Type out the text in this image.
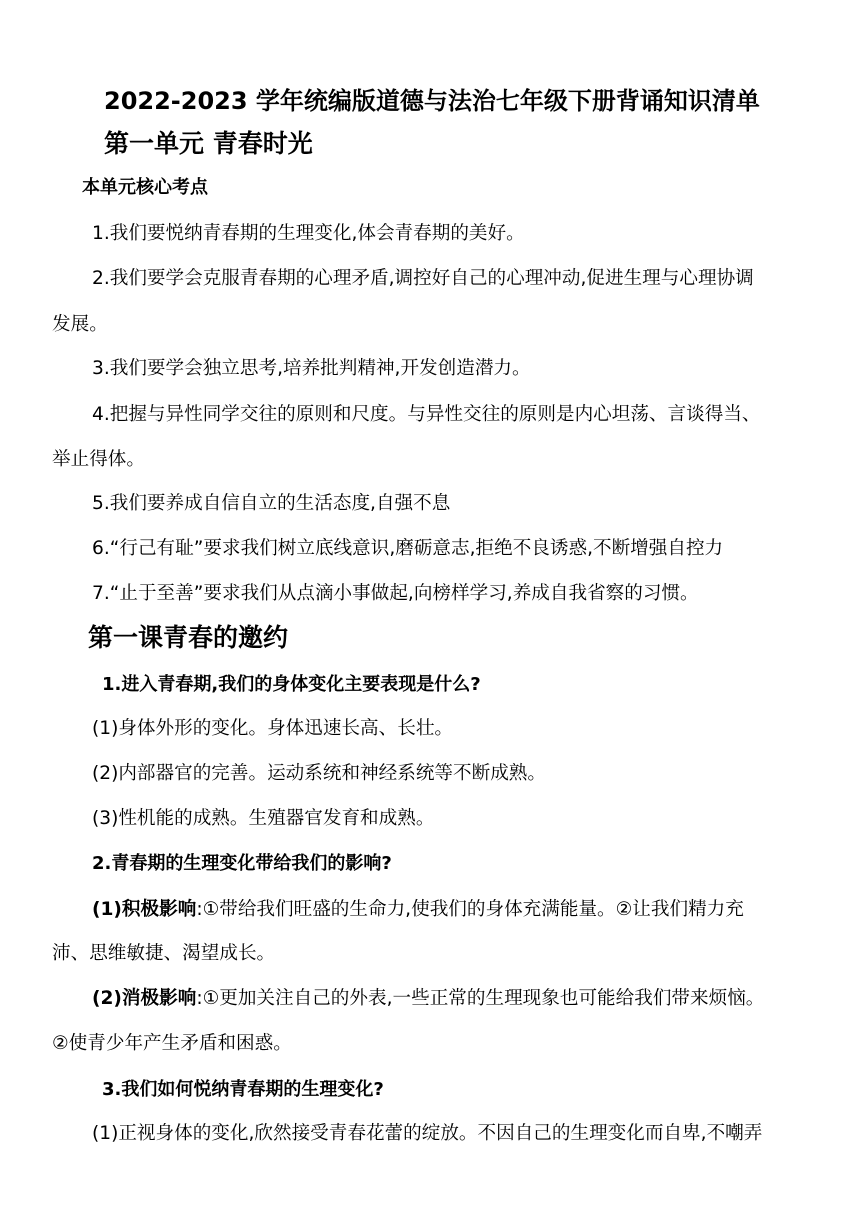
2022-2023 学年统编版道德与法治七年级下册背诵知识清单
第一单元 青春时光
本单元核心考点
1.我们要悦纳青春期的生理变化,体会青春期的美好。
2.我们要学会克服青春期的心理矛盾,调控好自己的心理冲动,促进生理与心理协调
发展。
3.我们要学会独立思考,培养批判精神,开发创造潜力。
4.把握与异性同学交往的原则和尺度。与异性交往的原则是内心坦荡、言谈得当、
举止得体。
5.我们要养成自信自立的生活态度,自强不息
6.“行己有耻”要求我们树立底线意识,磨砺意志,拒绝不良诱惑,不断增强自控力
7.“止于至善”要求我们从点滴小事做起,向榜样学习,养成自我省察的习惯。
第一课青春的邀约
1.进入青春期,我们的身体变化主要表现是什么?
(1)身体外形的变化。身体迅速长高、长壮。
(2)内部器官的完善。运动系统和神经系统等不断成熟。
(3)性机能的成熟。生殖器官发育和成熟。
2.青春期的生理变化带给我们的影响?
(1)积极影响:①带给我们旺盛的生命力,使我们的身体充满能量。②让我们精力充
沛、思维敏捷、渴望成长。
(2)消极影响:①更加关注自己的外表,一些正常的生理现象也可能给我们带来烦恼。
②使青少年产生矛盾和困惑。
3.我们如何悦纳青春期的生理变化?
(1)正视身体的变化,欣然接受青春花蕾的绽放。不因自己的生理变化而自卑,不嘲弄
